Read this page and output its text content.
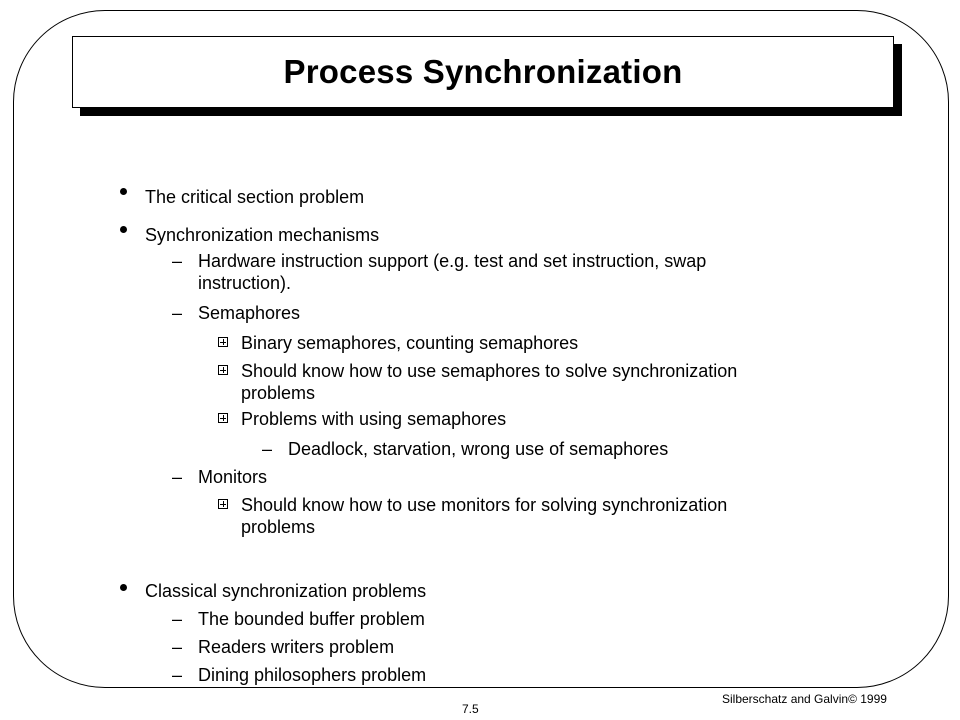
Process Synchronization
The critical section problem
Synchronization mechanisms
– Hardware instruction support (e.g. test and set instruction, swap
instruction).
– Semaphores
Binary semaphores, counting semaphores
Should know how to use semaphores to solve synchronization
problems
Problems with using semaphores
– Deadlock, starvation, wrong use of semaphores
– Monitors
Should know how to use monitors for solving synchronization
problems
Classical synchronization problems
– The bounded buffer problem
– Readers writers problem
– Dining philosophers problem
7.5
Silberschatz and Galvin© 1999
